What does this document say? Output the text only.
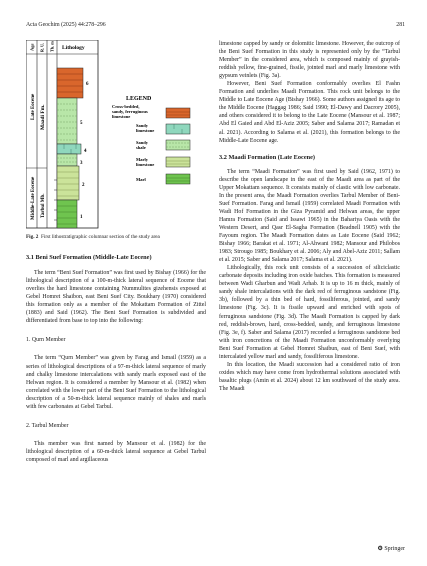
Acta Geochim (2025) 44:278–296	281
Age R. U. Th. m Lithology
Late Eocene
Middle-Late Eocene
Maadi Fm.
Tarbul Mb.
6
5
4
3
2
1
LEGEND
Cross-bedded,
sandy, ferruginous
limestone
Sandy
limestone
Sandy
shale
Marly
limestone
Marl
Fig. 2 First lithostratigraphic columnar section of the study area
3.1 Beni Suef Formation (Middle-Late Eocene)

The term “Beni Suef Formation” was first used by Bishay (1966) for the lithological description of a 100-m-thick lateral sequence of Eocene that overlies the hard limestone containing Nummulites gizehensis exposed at Gebel Homret Shaibon, east Beni Suef City. Boukhary (1970) considered this formation only as a member of the Mokattam Formation of Zittel (1883) and Said (1962). The Beni Suef Formation is subdivided and differentiated from base to top into the following:

1. Qurn Member

The term “Qurn Member” was given by Farag and Ismail (1959) as a series of lithological descriptions of a 97-m-thick lateral sequence of marly and chalky limestone intercalations with sandy marls exposed east of the Helwan region. It is considered a member by Mansour et al. (1982) when correlated with the lower part of the Beni Suef Formation to the lithological description of a 50-m-thick lateral sequence mainly of shales and marls with few carbonates at Gebel Tarbul.

2. Tarbul Member

This member was first named by Mansour et al. (1982) for the lithological description of a 60-m-thick lateral sequence at Gebel Tarbul composed of marl and argillaceous

limestone capped by sandy or dolomitic limestone. However, the outcrop of the Beni Suef Formation in this study is represented only by the “Tarbul Member” in the considered area, which is composed mainly of grayish-reddish yellow, fine-grained, fissile, jointed marl and marly limestone with gypsum veinlets (Fig. 3a).

However, Beni Suef Formation conformably overlies El Fashn Formation and underlies Maadi Formation. This rock unit belongs to the Middle to Late Eocene Age (Bishay 1966). Some authors assigned its age to the Middle Eocene (Haggag 1986; Said 1990; El-Dawy and Dacrory 2005), and others considered it to belong to the Late Eocene (Mansour et al. 1987; Abd El Gaied and Abd El-Aziz 2005; Saber and Salama 2017; Ramadan et al. 2021). According to Salama et al. (2021), this formation belongs to the Middle-Late Eocene age.

3.2 Maadi Formation (Late Eocene)

The term “Maadi Formation” was first used by Said (1962, 1971) to describe the open landscape in the east of the Maadi area as part of the Upper Mokattam sequence. It consists mainly of clastic with low carbonate. In the present area, the Maadi Formation overlies Tarbul Member of Beni-Suef Formation. Farag and Ismail (1959) correlated Maadi Formation with Wadi Hof Formation in the Giza Pyramid and Helwan areas, the upper Hamra Formation (Said and Issawi 1965) in the Bahariya Oasis with the Western Desert, and Qasr El-Sagha Formation (Beadnell 1905) with the Fayoum region. The Maadi Formation dates as Late Eocene (Said 1962; Bishay 1966; Barakat et al. 1971; Al-Ahwani 1982; Mansour and Philobos 1983; Strougo 1985; Boukhary et al. 2006; Aly and Abel-Aziz 2011; Sallam et al. 2015; Saber and Salama 2017; Salama et al. 2021).

Lithologically, this rock unit consists of a succession of siliciclastic carbonate deposits including iron oxide batches. This formation is measured between Wadi Gharbun and Wadi Arhab. It is up to 16 m thick, mainly of sandy shale intercalations with the dark red of ferruginous sandstone (Fig. 3b), followed by a thin bed of hard, fossiliferous, jointed, and sandy limestone (Fig. 3c). It is fissile upward and enriched with spots of ferruginous sandstone (Fig. 3d). The Maadi Formation is capped by dark red, reddish-brown, hard, cross-bedded, sandy, and ferruginous limestone (Fig. 3e, f). Saber and Salama (2017) recorded a ferruginous sandstone bed with iron concretions of the Maadi Formation unconformably overlying Beni Suef Formation at Gebel Homret Shaibun, east of Beni Suef, with intercalated yellow marl and sandy, fossiliferous limestone.

In this location, the Maadi succession had a considered ratio of iron oxides which may have come from hydrothermal solutions associated with basaltic plugs (Amin et al. 2024) about 12 km southward of the study area. The Maadi

⚙ Springer
